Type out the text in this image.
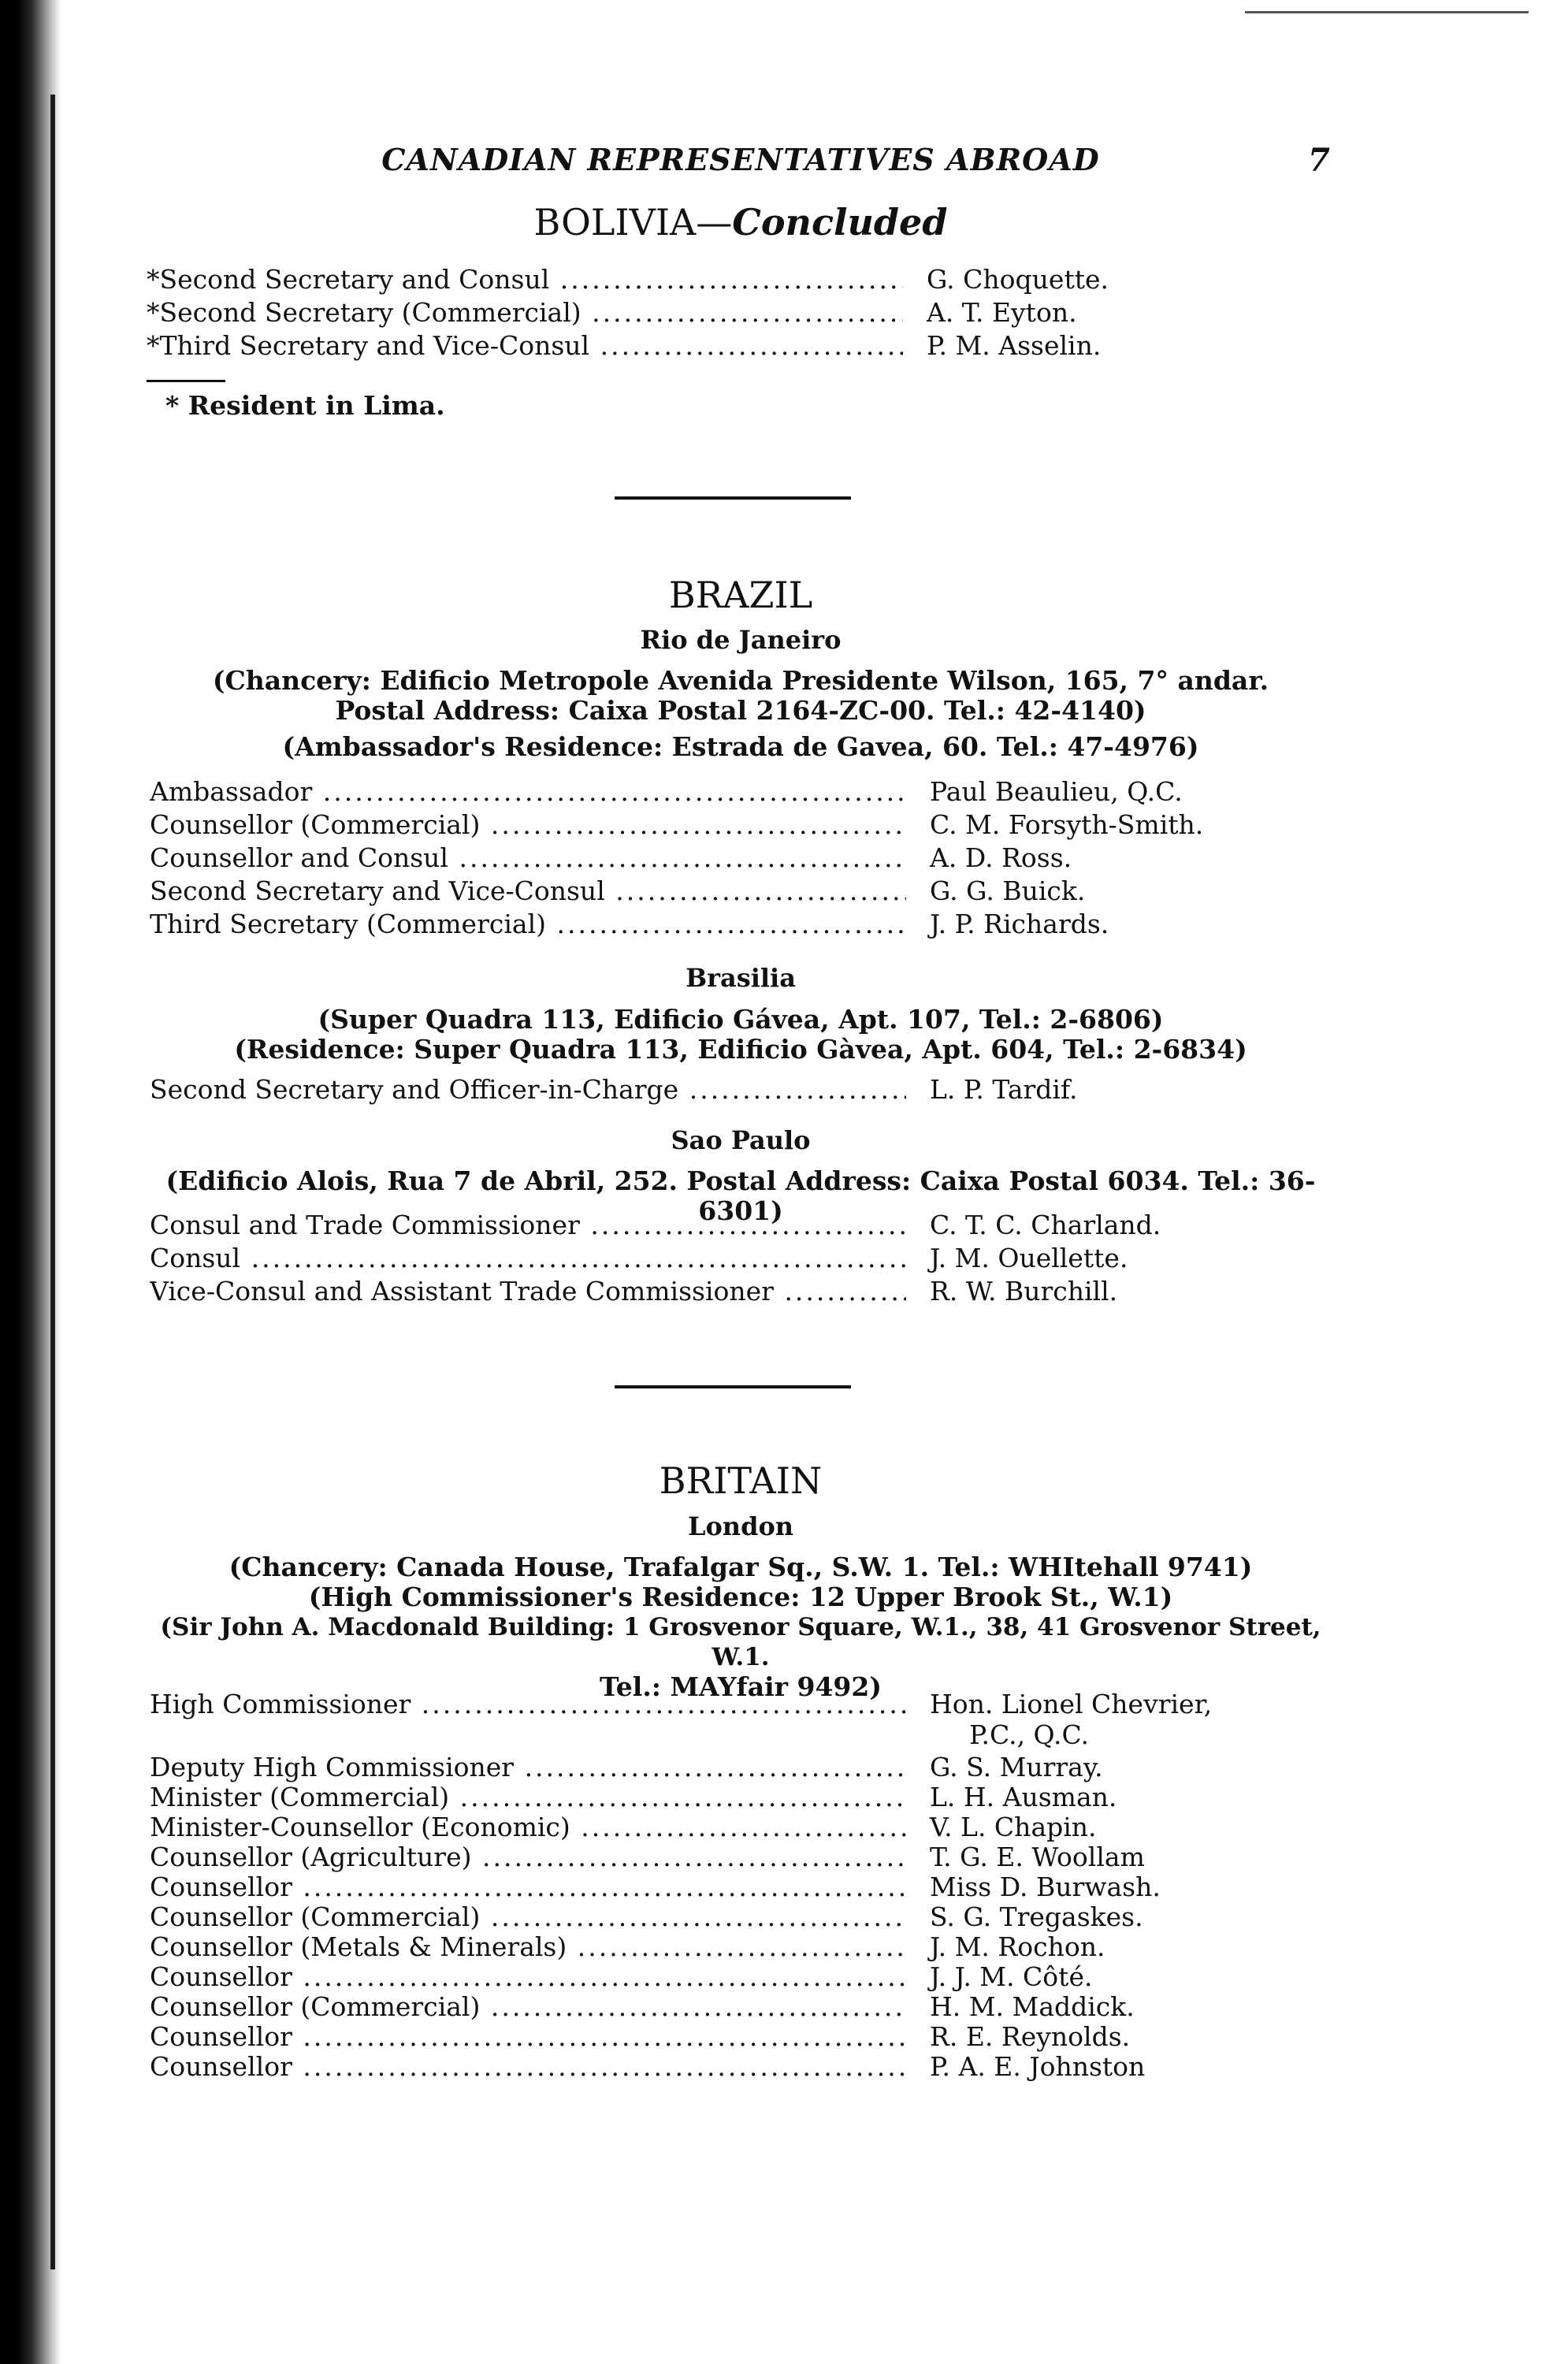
CANADIAN REPRESENTATIVES ABROAD	7
BOLIVIA—Concluded
*Second Secretary and Consul .....	G. Choquette.
*Second Secretary (Commercial) .....	A. T. Eyton.
*Third Secretary and Vice-Consul .....	P. M. Asselin.
* Resident in Lima.
BRAZIL
Rio de Janeiro
(Chancery: Edificio Metropole Avenida Presidente Wilson, 165, 7° andar.
Postal Address: Caixa Postal 2164-ZC-00. Tel.: 42-4140)
(Ambassador's Residence: Estrada de Gavea, 60. Tel.: 47-4976)
Ambassador .....	Paul Beaulieu, Q.C.
Counsellor (Commercial) .....	C. M. Forsyth-Smith.
Counsellor and Consul .....	A. D. Ross.
Second Secretary and Vice-Consul .....	G. G. Buick.
Third Secretary (Commercial) .....	J. P. Richards.
Brasilia
(Super Quadra 113, Edificio Gávea, Apt. 107, Tel.: 2-6806)
(Residence: Super Quadra 113, Edificio Gàvea, Apt. 604, Tel.: 2-6834)
Second Secretary and Officer-in-Charge .....	L. P. Tardif.
Sao Paulo
(Edificio Alois, Rua 7 de Abril, 252. Postal Address: Caixa Postal 6034. Tel.: 36-6301)
Consul and Trade Commissioner .....	C. T. C. Charland.
Consul .....	J. M. Ouellette.
Vice-Consul and Assistant Trade Commissioner .....	R. W. Burchill.
BRITAIN
London
(Chancery: Canada House, Trafalgar Sq., S.W. 1. Tel.: WHItehall 9741)
(High Commissioner's Residence: 12 Upper Brook St., W.1)
(Sir John A. Macdonald Building: 1 Grosvenor Square, W.1., 38, 41 Grosvenor Street, W.1.
Tel.: MAYfair 9492)
High Commissioner .....	Hon. Lionel Chevrier,
P.C., Q.C.
Deputy High Commissioner .....	G. S. Murray.
Minister (Commercial) .....	L. H. Ausman.
Minister-Counsellor (Economic) .....	V. L. Chapin.
Counsellor (Agriculture) .....	T. G. E. Woollam
Counsellor .....	Miss D. Burwash.
Counsellor (Commercial) .....	S. G. Tregaskes.
Counsellor (Metals & Minerals) .....	J. M. Rochon.
Counsellor .....	J. J. M. Côté.
Counsellor (Commercial) .....	H. M. Maddick.
Counsellor .....	R. E. Reynolds.
Counsellor .....	P. A. E. Johnston
